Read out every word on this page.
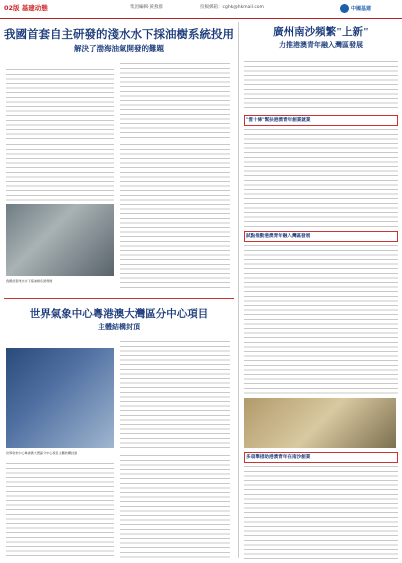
02版 基建动態	集团編輯·黃燕群	投稿郵箱：cghk@hkmail.com	中國基建
我國首套自主研發的淺水水下採油樹系統投用
解決了渤海油氣開發的難題
我國首套淺水水下採油樹系統現場
世界氣象中心粵港澳大灣區分中心項目
主體結構封頂
世界氣象中心粵港澳大灣區分中心項目主體結構封頂
廣州南沙頻繁"上新"
力推港澳青年融入灣區發展
"雲十條"幫扶港澳青年創業就業
試點推動港澳青年融入灣區發展
多項舉措助港澳青年在南沙創業
